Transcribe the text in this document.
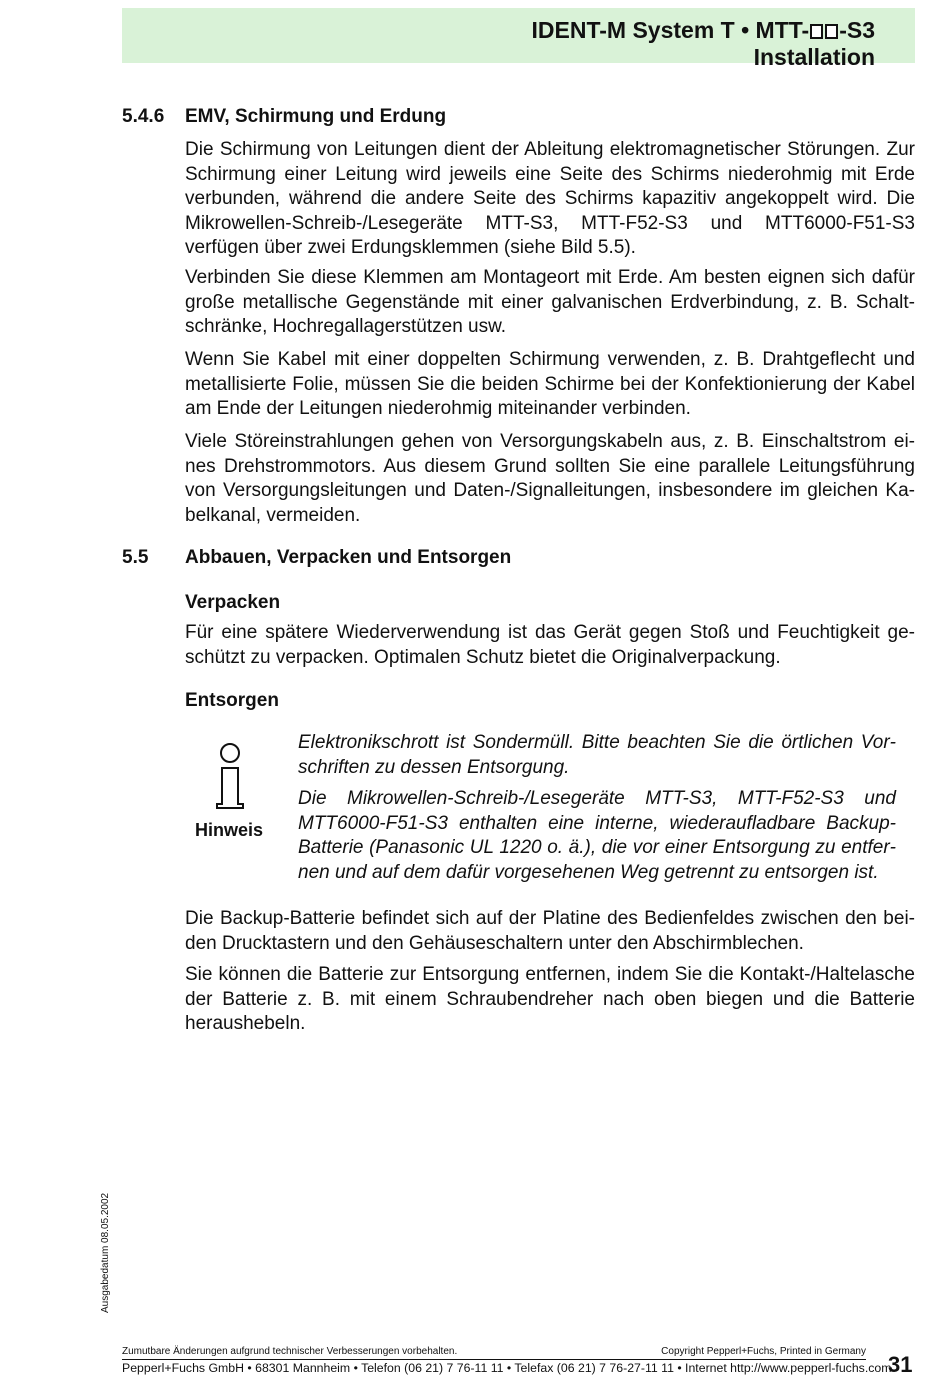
IDENT-M System T • MTT- -S3
Installation
5.4.6 EMV, Schirmung und Erdung

Die Schirmung von Leitungen dient der Ableitung elektromagnetischer Störungen. Zur Schirmung einer Leitung wird jeweils eine Seite des Schirms niederohmig mit Erde verbunden, während die andere Seite des Schirms kapazitiv angekoppelt wird. Die Mikrowellen-Schreib-/Lesegeräte MTT-S3, MTT-F52-S3 und MTT6000-F51-S3 verfügen über zwei Erdungsklemmen (siehe Bild 5.5).

Verbinden Sie diese Klemmen am Montageort mit Erde. Am besten eignen sich dafür große metallische Gegenstände mit einer galvanischen Erdverbindung, z. B. Schaltschränke, Hochregallagerstützen usw.

Wenn Sie Kabel mit einer doppelten Schirmung verwenden, z. B. Drahtgeflecht und metallisierte Folie, müssen Sie die beiden Schirme bei der Konfektionierung der Kabel am Ende der Leitungen niederohmig miteinander verbinden.

Viele Störeinstrahlungen gehen von Versorgungskabeln aus, z. B. Einschaltstrom eines Drehstrommotors. Aus diesem Grund sollten Sie eine parallele Leitungsführung von Versorgungsleitungen und Daten-/Signalleitungen, insbesondere im gleichen Kabelkanal, vermeiden.

5.5 Abbauen, Verpacken und Entsorgen
Verpacken

Für eine spätere Wiederverwendung ist das Gerät gegen Stoß und Feuchtigkeit geschützt zu verpacken. Optimalen Schutz bietet die Originalverpackung.

Entsorgen
Hinweis

Elektronikschrott ist Sondermüll. Bitte beachten Sie die örtlichen Vorschriften zu dessen Entsorgung.

Die Mikrowellen-Schreib-/Lesegeräte MTT-S3, MTT-F52-S3 und MTT6000-F51-S3 enthalten eine interne, wiederaufladbare Backup-Batterie (Panasonic UL 1220 o. ä.), die vor einer Entsorgung zu entfernen und auf dem dafür vorgesehenen Weg getrennt zu entsorgen ist.

Die Backup-Batterie befindet sich auf der Platine des Bedienfeldes zwischen den beiden Drucktastern und den Gehäuseschaltern unter den Abschirmblechen.

Sie können die Batterie zur Entsorgung entfernen, indem Sie die Kontakt-/Haltelasche der Batterie z. B. mit einem Schraubendreher nach oben biegen und die Batterie heraushebeln.

Ausgabedatum 08.05.2002
Zumutbare Änderungen aufgrund technischer Verbesserungen vorbehalten.	Copyright Pepperl+Fuchs, Printed in Germany
Pepperl+Fuchs GmbH • 68301 Mannheim • Telefon (06 21) 7 76-11 11 • Telefax (06 21) 7 76-27-11 11 • Internet http://www.pepperl-fuchs.com
31
